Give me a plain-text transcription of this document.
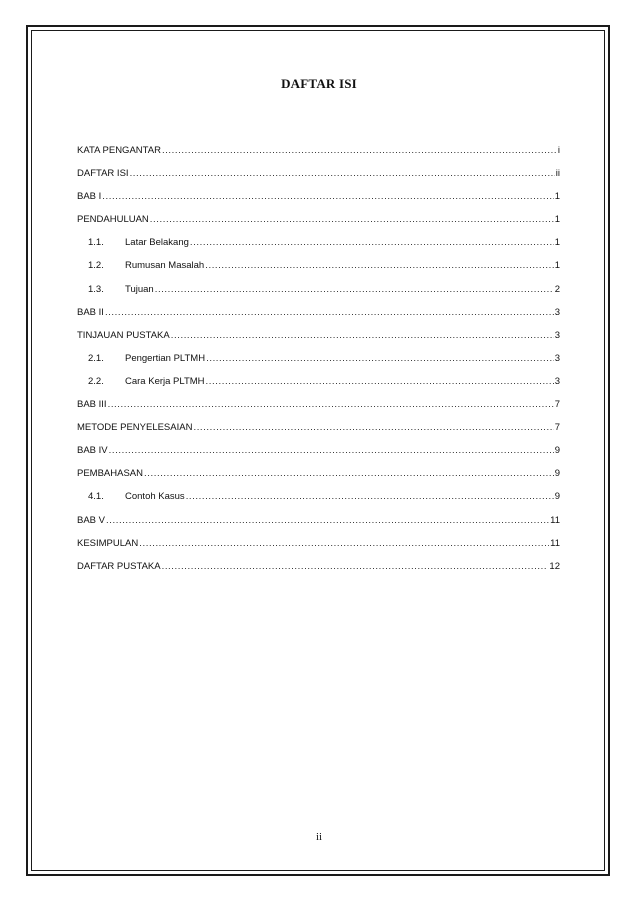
DAFTAR ISI
KATA PENGANTAR .....	i
DAFTAR ISI .....	ii
BAB I .....	1
PENDAHULUAN .....	1
1.1.	Latar Belakang .....	1
1.2.	Rumusan Masalah .....	1
1.3.	Tujuan .....	2
BAB II .....	3
TINJAUAN PUSTAKA .....	3
2.1.	Pengertian PLTMH .....	3
2.2.	Cara Kerja PLTMH .....	3
BAB III .....	7
METODE PENYELESAIAN .....	7
BAB IV .....	9
PEMBAHASAN .....	9
4.1.	Contoh Kasus .....	9
BAB V .....	11
KESIMPULAN .....	11
DAFTAR PUSTAKA .....	12
ii
